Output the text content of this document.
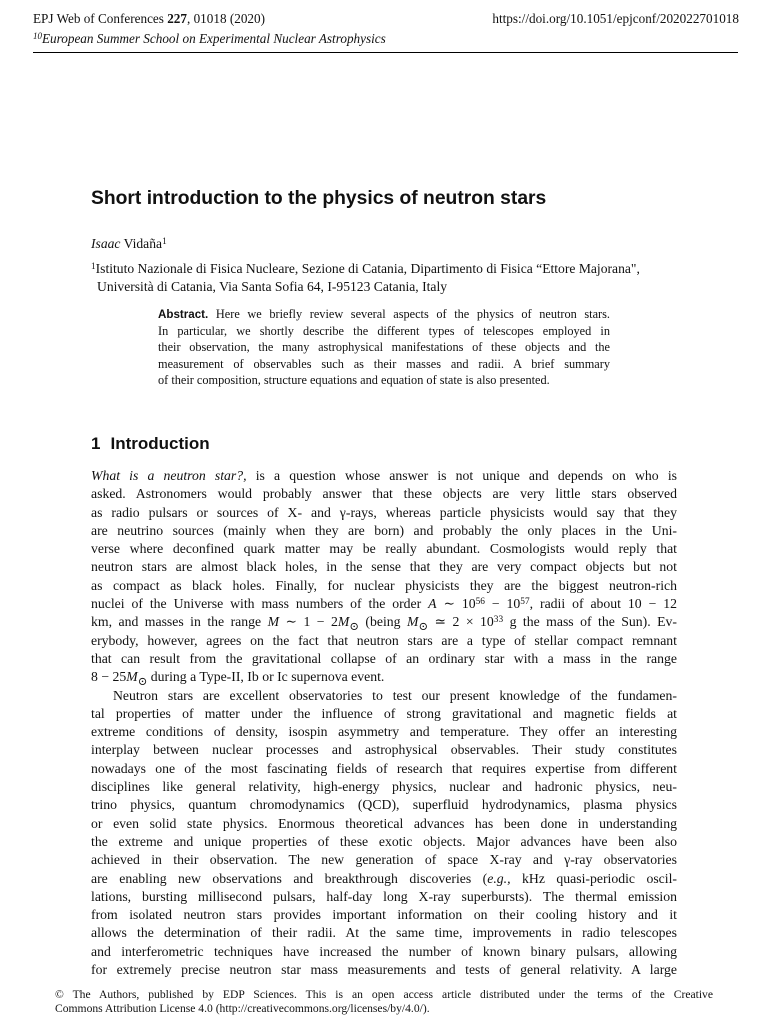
EPJ Web of Conferences 227, 01018 (2020)	https://doi.org/10.1051/epjconf/202022701018
$^{10}$European Summer School on Experimental Nuclear Astrophysics
Short introduction to the physics of neutron stars
Isaac Vidaña$^1$
$^1$Istituto Nazionale di Fisica Nucleare, Sezione di Catania, Dipartimento di Fisica “Ettore Majorana",
Università di Catania, Via Santa Sofia 64, I-95123 Catania, Italy
Abstract. Here we briefly review several aspects of the physics of neutron stars.
In particular, we shortly describe the different types of telescopes employed in
their observation, the many astrophysical manifestations of these objects and the
measurement of observables such as their masses and radii. A brief summary
of their composition, structure equations and equation of state is also presented.
1 Introduction
What is a neutron star?, is a question whose answer is not unique and depends on who is
asked. Astronomers would probably answer that these objects are very little stars observed
as radio pulsars or sources of X- and γ-rays, whereas particle physicists would say that they
are neutrino sources (mainly when they are born) and probably the only places in the Uni-
verse where deconfined quark matter may be really abundant. Cosmologists would reply that
neutron stars are almost black holes, in the sense that they are very compact objects but not
as compact as black holes. Finally, for nuclear physicists they are the biggest neutron-rich
nuclei of the Universe with mass numbers of the order A ∼ $10^{56} - 10^{57}$, radii of about 10 − 12
km, and masses in the range M ∼ $1 - 2M_⊙$ (being $M_⊙$ ≃ $2 \times 10^{33}$ g the mass of the Sun). Ev-
erybody, however, agrees on the fact that neutron stars are a type of stellar compact remnant
that can result from the gravitational collapse of an ordinary star with a mass in the range
$8 - 25M_⊙$ during a Type-II, Ib or Ic supernova event.
Neutron stars are excellent observatories to test our present knowledge of the fundamen-
tal properties of matter under the influence of strong gravitational and magnetic fields at
extreme conditions of density, isospin asymmetry and temperature. They offer an interesting
interplay between nuclear processes and astrophysical observables. Their study constitutes
nowadays one of the most fascinating fields of research that requires expertise from different
disciplines like general relativity, high-energy physics, nuclear and hadronic physics, neu-
trino physics, quantum chromodynamics (QCD), superfluid hydrodynamics, plasma physics
or even solid state physics. Enormous theoretical advances has been done in understanding
the extreme and unique properties of these exotic objects. Major advances have been also
achieved in their observation. The new generation of space X-ray and γ-ray observatories
are enabling new observations and breakthrough discoveries (e.g., kHz quasi-periodic oscil-
lations, bursting millisecond pulsars, half-day long X-ray superbursts). The thermal emission
from isolated neutron stars provides important information on their cooling history and it
allows the determination of their radii. At the same time, improvements in radio telescopes
and interferometric techniques have increased the number of known binary pulsars, allowing
for extremely precise neutron star mass measurements and tests of general relativity. A large
© The Authors, published by EDP Sciences. This is an open access article distributed under the terms of the Creative
Commons Attribution License 4.0 (http://creativecommons.org/licenses/by/4.0/).
